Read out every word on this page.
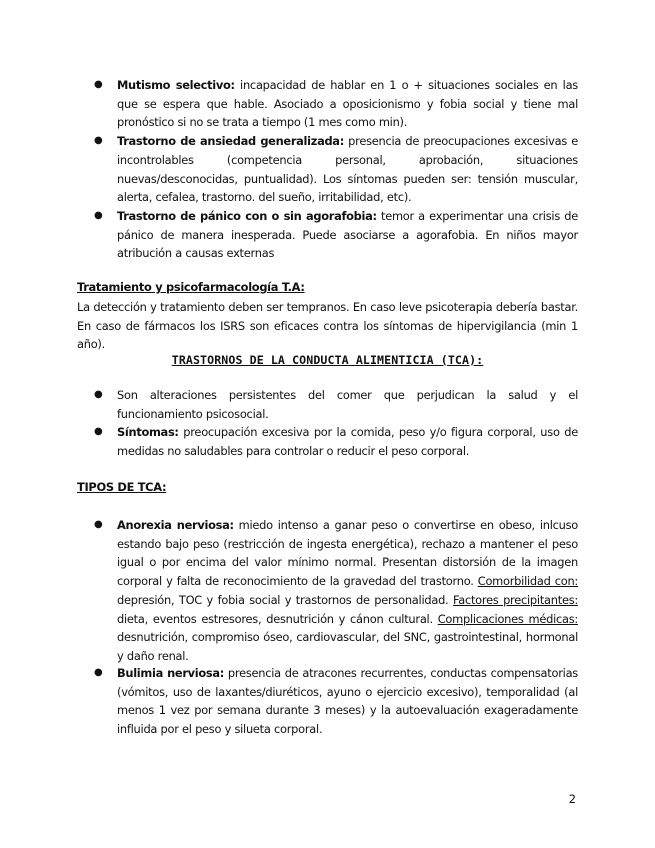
● Mutismo selectivo: incapacidad de hablar en 1 o + situaciones sociales en las que se espera que hable. Asociado a oposicionismo y fobia social y tiene mal pronóstico si no se trata a tiempo (1 mes como min).
● Trastorno de ansiedad generalizada: presencia de preocupaciones excesivas e incontrolables (competencia personal, aprobación, situaciones nuevas/desconocidas, puntualidad). Los síntomas pueden ser: tensión muscular, alerta, cefalea, trastorno. del sueño, irritabilidad, etc).
● Trastorno de pánico con o sin agorafobia: temor a experimentar una crisis de pánico de manera inesperada. Puede asociarse a agorafobia. En niños mayor atribución a causas externas

Tratamiento y psicofarmacología T.A:

La detección y tratamiento deben ser tempranos. En caso leve psicoterapia debería bastar. En caso de fármacos los ISRS son eficaces contra los síntomas de hipervigilancia (min 1 año).

TRASTORNOS DE LA CONDUCTA ALIMENTICIA (TCA):

● Son alteraciones persistentes del comer que perjudican la salud y el funcionamiento psicosocial.
● Síntomas: preocupación excesiva por la comida, peso y/o figura corporal, uso de medidas no saludables para controlar o reducir el peso corporal.

TIPOS DE TCA:

● Anorexia nerviosa: miedo intenso a ganar peso o convertirse en obeso, inlcuso estando bajo peso (restricción de ingesta energética), rechazo a mantener el peso igual o por encima del valor mínimo normal. Presentan distorsión de la imagen corporal y falta de reconocimiento de la gravedad del trastorno. Comorbilidad con: depresión, TOC y fobia social y trastornos de personalidad. Factores precipitantes: dieta, eventos estresores, desnutrición y cánon cultural. Complicaciones médicas: desnutrición, compromiso óseo, cardiovascular, del SNC, gastrointestinal, hormonal y daño renal.
● Bulimia nerviosa: presencia de atracones recurrentes, conductas compensatorias (vómitos, uso de laxantes/diuréticos, ayuno o ejercicio excesivo), temporalidad (al menos 1 vez por semana durante 3 meses) y la autoevaluación exageradamente influida por el peso y silueta corporal.

2
